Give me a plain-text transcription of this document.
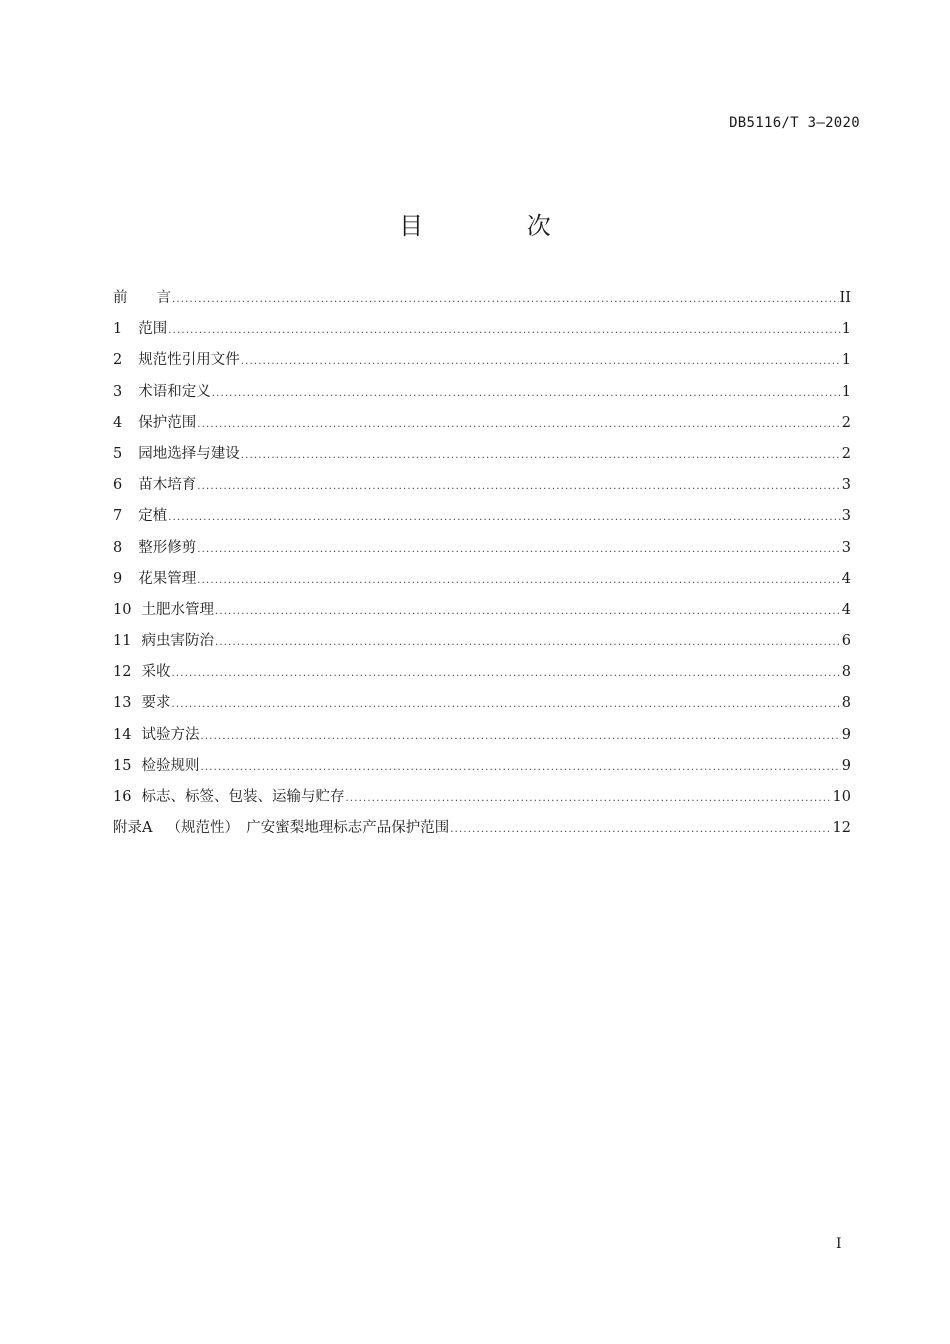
DB5116/T 3—2020
目 次
前　　言 .....	II
1 范围 .....	1
2 规范性引用文件 .....	1
3 术语和定义 .....	1
4 保护范围 .....	2
5 园地选择与建设 .....	2
6 苗木培育 .....	3
7 定植 .....	3
8 整形修剪 .....	3
9 花果管理 .....	4
10 土肥水管理 .....	4
11 病虫害防治 .....	6
12 采收 .....	8
13 要求 .....	8
14 试验方法 .....	9
15 检验规则 .....	9
16 标志、标签、包装、运输与贮存 .....	10
附录A （规范性）　广安蜜梨地理标志产品保护范围 .....	12
I
